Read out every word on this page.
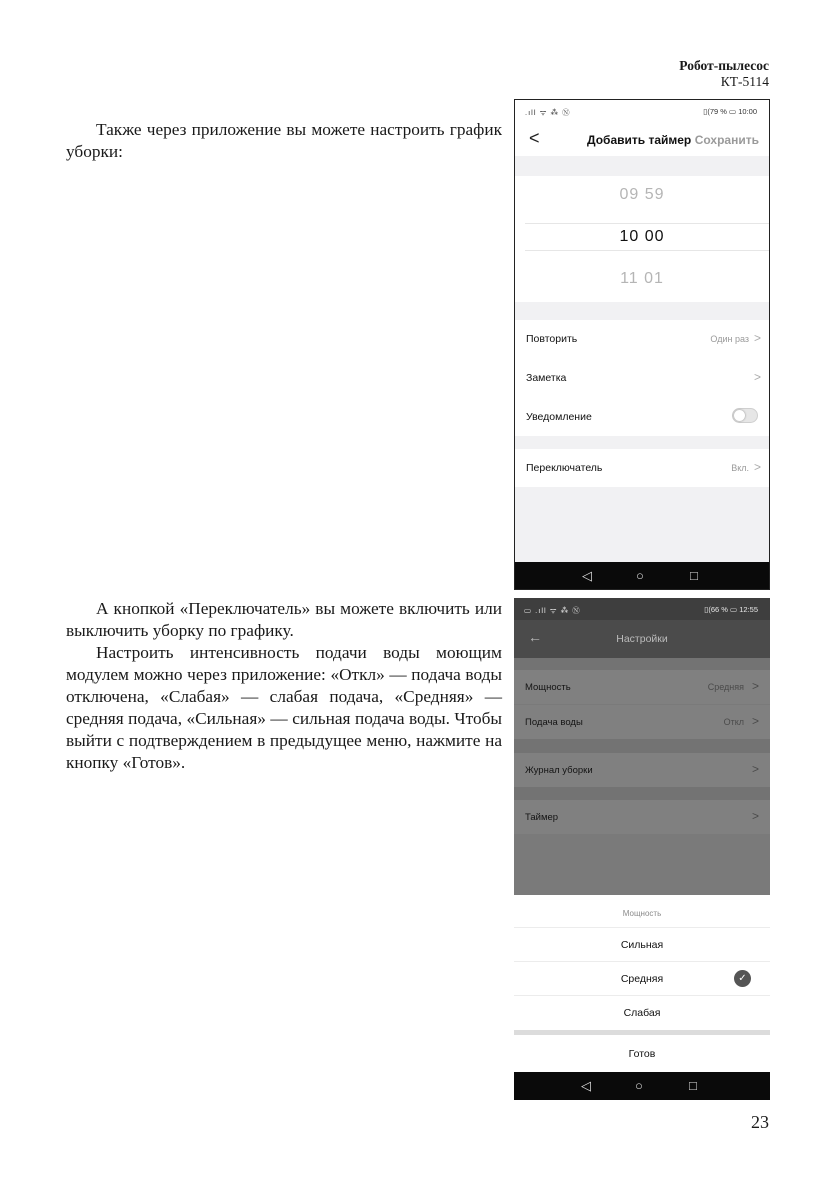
Робот-пылесос
КТ-5114

Также через приложение вы можете настроить график уборки:

А кнопкой «Переключатель» вы можете включить или выключить уборку по графику.

Настроить интенсивность подачи воды моющим модулем можно через приложение: «Откл» — подача воды отключена, «Слабая» — слабая подача, «Средняя» — средняя подача, «Сильная» — сильная подача воды. Чтобы выйти с подтверждением в предыдущее меню, нажмите на кнопку «Готов».

.ıll ᯤ ⁂ Ⓝ	▯(79 % ▭ 10:00
<	Добавить таймер Сохранить
09 59
10 00
11 01
Повторить	Один раз >
Заметка	>
Уведомление
Переключатель	Вкл. >
◁	○	□
▭ .ıll ᯤ ⁂ Ⓝ	▯(66 % ▭ 12:55
←	Настройки
Мощность	Средняя >
Подача воды	Откл >
Журнал уборки	>
Таймер	>
Мощность
Сильная
Средняя	✓
Слабая
Готов
◁	○	□
23
